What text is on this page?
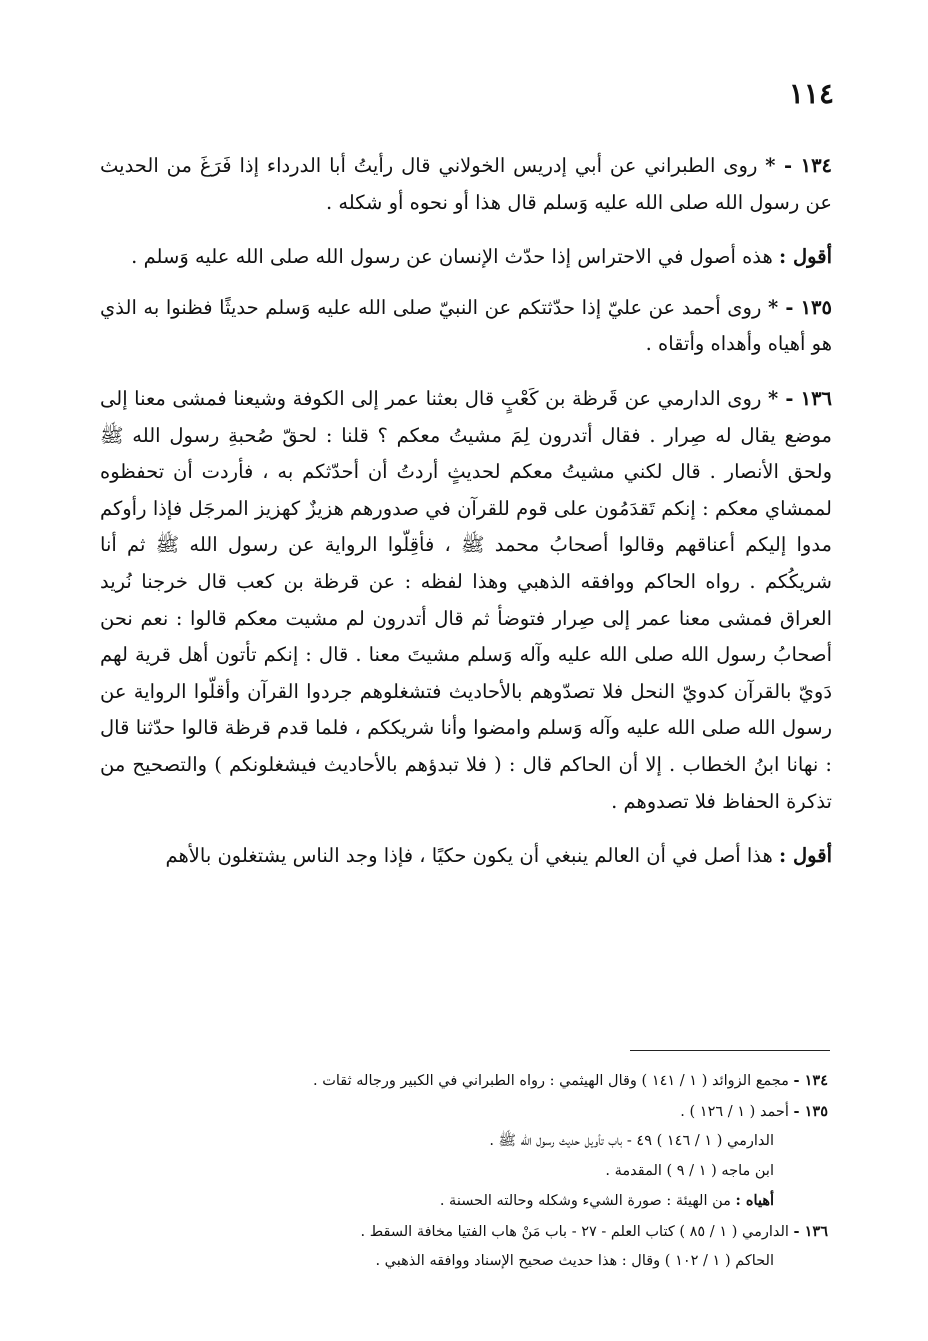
١١٤

١٣٤ - * روى الطبراني عن أبي إدريس الخولاني قال رأيتُ أبا الدرداء إذا فَرَغَ من الحديث عن رسول الله صلى الله عليه وَسلم قال هذا أو نحوه أو شكله .

أقول : هذه أصول في الاحتراس إذا حدّث الإنسان عن رسول الله صلى الله عليه وَسلم .

١٣٥ - * روى أحمد عن عليّ إذا حدّثتكم عن النبيّ صلى الله عليه وَسلم حديثًا فظنوا به الذي هو أهياه وأهداه وأتقاه .

١٣٦ - * روى الدارمي عن قَرظة بن كَعْبٍ قال بعثنا عمر إلى الكوفة وشيعنا فمشى معنا إلى موضع يقال له صِرار . فقال أتدرون لِمَ مشيتُ معكم ؟ قلنا : لحقّ صُحبةِ رسول الله ﷺ ولحق الأنصار . قال لكني مشيتُ معكم لحديثٍ أردتُ أن أحدّثكم به ، فأردت أن تحفظوه لممشاي معكم : إنكم تَقدَمُون على قوم للقرآن في صدورهم هزيزٌ كهزيز المرجَل فإذا رأوكم مدوا إليكم أعناقهم وقالوا أصحابُ محمد ﷺ ، فأقِلّوا الرواية عن رسول الله ﷺ ثم أنا شريكُكم . رواه الحاكم ووافقه الذهبي وهذا لفظه : عن قرظة بن كعب قال خرجنا نُريد العراق فمشى معنا عمر إلى صِرار فتوضأ ثم قال أتدرون لم مشيت معكم قالوا : نعم نحن أصحابُ رسول الله صلى الله عليه وآله وَسلم مشيتَ معنا . قال : إنكم تأتون أهل قرية لهم دَويّ بالقرآن كدويّ النحل فلا تصدّوهم بالأحاديث فتشغلوهم جردوا القرآن وأقلّوا الرواية عن رسول الله صلى الله عليه وآله وَسلم وامضوا وأنا شريككم ، فلما قدم قرظة قالوا حدّثنا قال : نهانا ابنُ الخطاب . إلا أن الحاكم قال : ( فلا تبدؤهم بالأحاديث فيشغلونكم ) والتصحيح من تذكرة الحفاظ فلا تصدوهم .

أقول : هذا أصل في أن العالم ينبغي أن يكون حكيًا ، فإذا وجد الناس يشتغلون بالأهم

١٣٤ - مجمع الزوائد ( ١ / ١٤١ ) وقال الهيثمي : رواه الطبراني في الكبير ورجاله ثقات .

١٣٥ - أحمد ( ١ / ١٢٦ ) .

الدارمي ( ١ / ١٤٦ ) ٤٩ - باب تأويل حديث رسول الله ﷺ .

ابن ماجه ( ١ / ٩ ) المقدمة .

أهياه : من الهيئة : صورة الشيء وشكله وحالته الحسنة .

١٣٦ - الدارمي ( ١ / ٨٥ ) كتاب العلم - ٢٧ - باب مَنْ هاب الفتيا مخافة السقط .

الحاكم ( ١ / ١٠٢ ) وقال : هذا حديث صحيح الإسناد ووافقه الذهبي .
